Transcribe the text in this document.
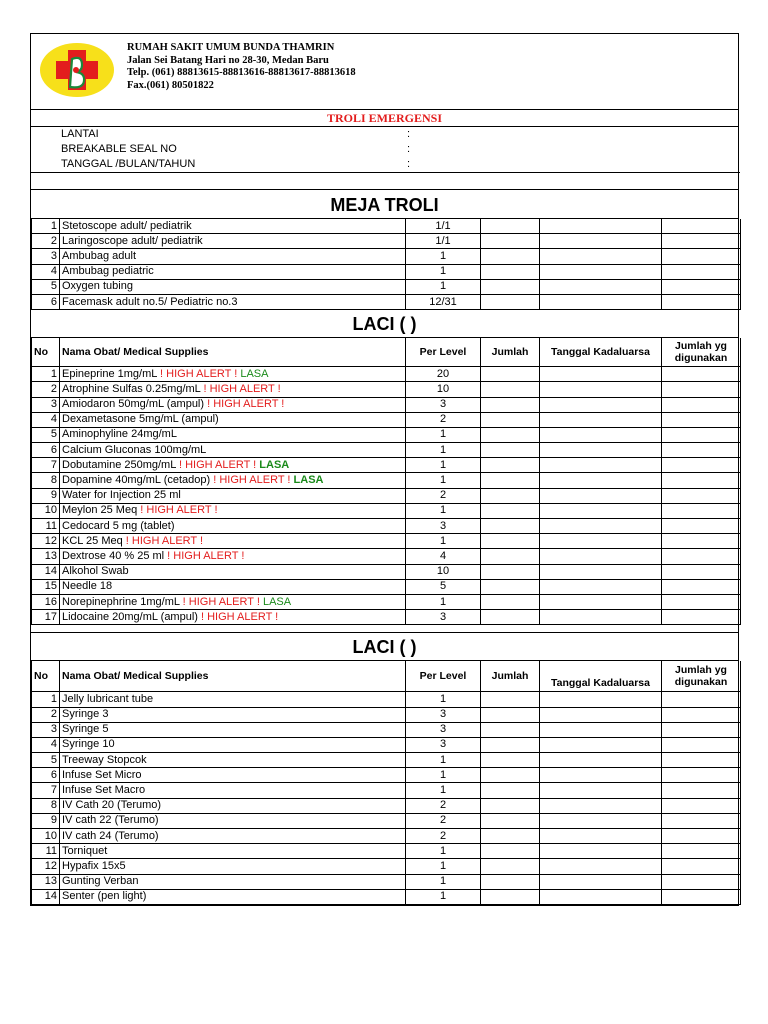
RUMAH SAKIT UMUM BUNDA THAMRIN
Jalan Sei Batang Hari no 28-30, Medan Baru
Telp. (061) 88813615-88813616-88813617-88813618
Fax.(061) 80501822
TROLI EMERGENSI
	LANTAI	:
	BREAKABLE SEAL NO	:
	TANGGAL /BULAN/TAHUN	:
MEJA TROLI
1	Stetoscope adult/ pediatrik	1/1			
2	Laringoscope adult/ pediatrik	1/1			
3	Ambubag adult	1			
4	Ambubag pediatric	1			
5	Oxygen tubing	1			
6	Facemask adult no.5/ Pediatric no.3	12/31			
LACI ( )
No	Nama Obat/ Medical Supplies	Per Level	Jumlah	Tanggal Kadaluarsa	Jumlah yg digunakan
1	Epineprine 1mg/mL ! HIGH ALERT ! LASA	20			
2	Atrophine Sulfas 0.25mg/mL ! HIGH ALERT !	10			
3	Amiodaron 50mg/mL (ampul) ! HIGH ALERT !	3			
4	Dexametasone 5mg/mL (ampul)	2			
5	Aminophyline 24mg/mL	1			
6	Calcium Gluconas 100mg/mL	1			
7	Dobutamine 250mg/mL ! HIGH ALERT ! LASA	1			
8	Dopamine 40mg/mL (cetadop) ! HIGH ALERT ! LASA	1			
9	Water for Injection 25 ml	2			
10	Meylon 25 Meq ! HIGH ALERT !	1			
11	Cedocard 5 mg (tablet)	3			
12	KCL 25 Meq ! HIGH ALERT !	1			
13	Dextrose 40 % 25 ml ! HIGH ALERT !	4			
14	Alkohol Swab	10			
15	Needle 18	5			
16	Norepinephrine 1mg/mL ! HIGH ALERT ! LASA	1			
17	Lidocaine 20mg/mL (ampul) ! HIGH ALERT !	3			
LACI ( )
No	Nama Obat/ Medical Supplies	Per Level	Jumlah	Tanggal Kadaluarsa	Jumlah yg digunakan
1	Jelly lubricant tube	1			
2	Syringe 3	3			
3	Syringe 5	3			
4	Syringe 10	3			
5	Treeway Stopcok	1			
6	Infuse Set Micro	1			
7	Infuse Set Macro	1			
8	IV Cath 20 (Terumo)	2			
9	IV cath 22 (Terumo)	2			
10	IV cath 24 (Terumo)	2			
11	Torniquet	1			
12	Hypafix 15x5	1			
13	Gunting Verban	1			
14	Senter (pen light)	1			
